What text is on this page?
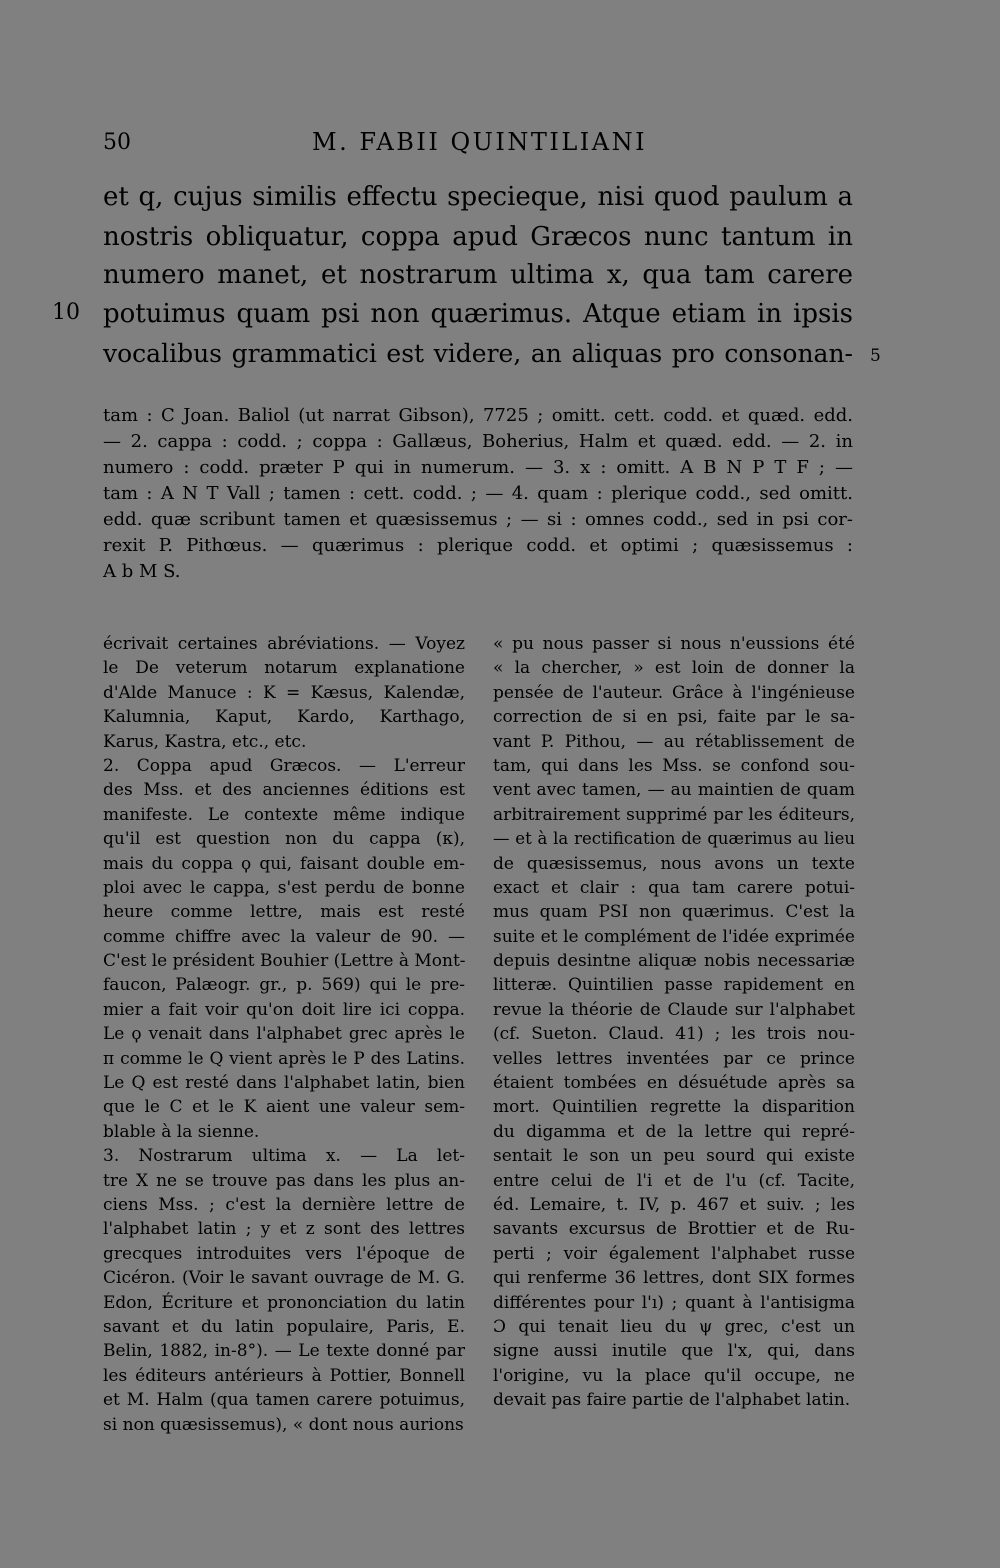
50	M. FABII QUINTILIANI
et q, cujus similis effectu specieque, nisi quod paulum a
nostris obliquatur, coppa apud Græcos nunc tantum in
numero manet, et nostrarum ultima x, qua tam carere
potuimus quam psi non quærimus. Atque etiam in ipsis
vocalibus grammatici est videre, an aliquas pro consonan-
10
5
tam : C Joan. Baliol (ut narrat Gibson), 7725 ; omitt. cett. codd. et quæd. edd.
— 2. cappa : codd. ; coppa : Gallæus, Boherius, Halm et quæd. edd. — 2. in
numero : codd. præter P qui in numerum. — 3. x : omitt. A B N P T F ; —
tam : A N T Vall ; tamen : cett. codd. ; — 4. quam : plerique codd., sed omitt.
edd. quæ scribunt tamen et quæsissemus ; — si : omnes codd., sed in psi cor-
rexit P. Pithœus. — quærimus : plerique codd. et optimi ; quæsissemus :
A b M S.
écrivait certaines abréviations. — Voyez
le De veterum notarum explanatione
d'Alde Manuce : K = Kæsus, Kalendæ,
Kalumnia, Kaput, Kardo, Karthago,
Karus, Kastra, etc., etc.
2. Coppa apud Græcos. — L'erreur
des Mss. et des anciennes éditions est
manifeste. Le contexte même indique
qu'il est question non du cappa (κ),
mais du coppa ϙ qui, faisant double em-
ploi avec le cappa, s'est perdu de bonne
heure comme lettre, mais est resté
comme chiffre avec la valeur de 90. —
C'est le président Bouhier (Lettre à Mont-
faucon, Palæogr. gr., p. 569) qui le pre-
mier a fait voir qu'on doit lire ici coppa.
Le ϙ venait dans l'alphabet grec après le
π comme le Q vient après le P des Latins.
Le Q est resté dans l'alphabet latin, bien
que le C et le K aient une valeur sem-
blable à la sienne.
3. Nostrarum ultima x. — La let-
tre X ne se trouve pas dans les plus an-
ciens Mss. ; c'est la dernière lettre de
l'alphabet latin ; y et z sont des lettres
grecques introduites vers l'époque de
Cicéron. (Voir le savant ouvrage de M. G.
Edon, Écriture et prononciation du latin
savant et du latin populaire, Paris, E.
Belin, 1882, in-8°). — Le texte donné par
les éditeurs antérieurs à Pottier, Bonnell
et M. Halm (qua tamen carere potuimus,
si non quæsissemus), « dont nous aurions
« pu nous passer si nous n'eussions été
« la chercher, » est loin de donner la
pensée de l'auteur. Grâce à l'ingénieuse
correction de si en psi, faite par le sa-
vant P. Pithou, — au rétablissement de
tam, qui dans les Mss. se confond sou-
vent avec tamen, — au maintien de quam
arbitrairement supprimé par les éditeurs,
— et à la rectification de quærimus au lieu
de quæsissemus, nous avons un texte
exact et clair : qua tam carere potui-
mus quam PSI non quærimus. C'est la
suite et le complément de l'idée exprimée
depuis desintne aliquæ nobis necessariæ
litteræ. Quintilien passe rapidement en
revue la théorie de Claude sur l'alphabet
(cf. Sueton. Claud. 41) ; les trois nou-
velles lettres inventées par ce prince
étaient tombées en désuétude après sa
mort. Quintilien regrette la disparition
du digamma et de la lettre qui repré-
sentait le son un peu sourd qui existe
entre celui de l'i et de l'u (cf. Tacite,
éd. Lemaire, t. IV, p. 467 et suiv. ; les
savants excursus de Brottier et de Ru-
perti ; voir également l'alphabet russe
qui renferme 36 lettres, dont SIX formes
différentes pour l'ı) ; quant à l'antisigma
Ɔ qui tenait lieu du ψ grec, c'est un
signe aussi inutile que l'x, qui, dans
l'origine, vu la place qu'il occupe, ne
devait pas faire partie de l'alphabet latin.
